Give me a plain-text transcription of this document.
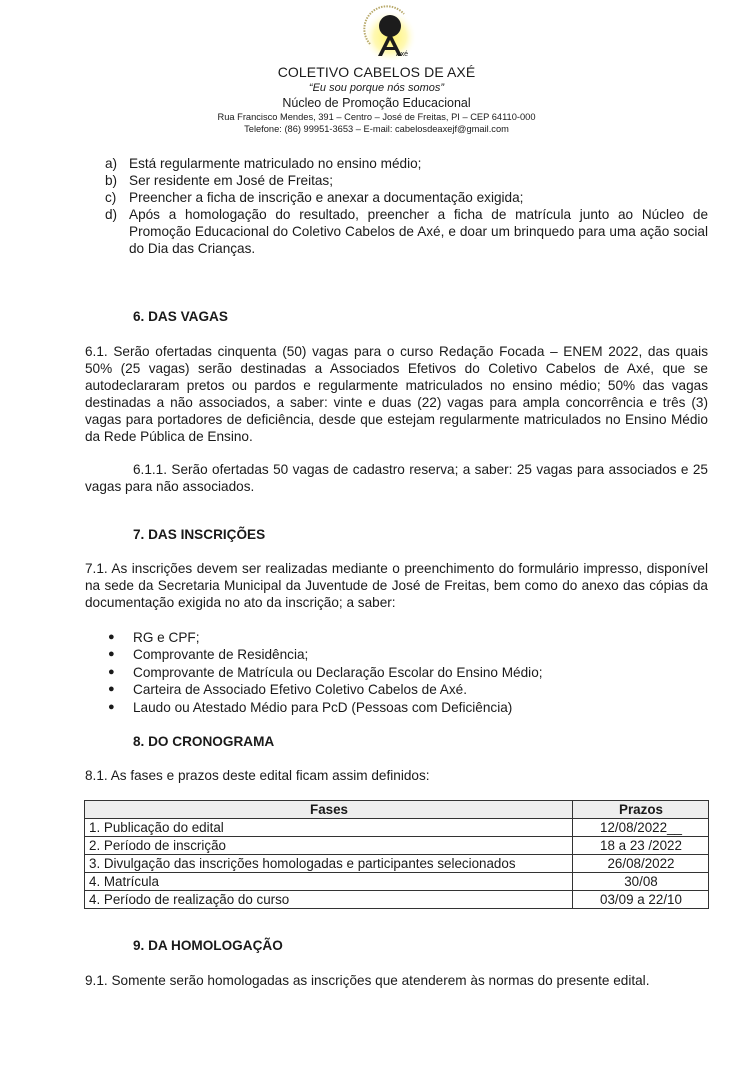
Axé
COLETIVO CABELOS DE AXÉ
“Eu sou porque nós somos”
Núcleo de Promoção Educacional
Rua Francisco Mendes, 391 – Centro – José de Freitas, PI – CEP 64110-000
Telefone: (86) 99951-3653 – E-mail: cabelosdeaxejf@gmail.com
a) Está regularmente matriculado no ensino médio;
b) Ser residente em José de Freitas;
c) Preencher a ficha de inscrição e anexar a documentação exigida;
d) Após a homologação do resultado, preencher a ficha de matrícula junto ao Núcleo de Promoção Educacional do Coletivo Cabelos de Axé, e doar um brinquedo para uma ação social do Dia das Crianças.
6. DAS VAGAS

6.1. Serão ofertadas cinquenta (50) vagas para o curso Redação Focada – ENEM 2022, das quais 50% (25 vagas) serão destinadas a Associados Efetivos do Coletivo Cabelos de Axé, que se autodeclararam pretos ou pardos e regularmente matriculados no ensino médio; 50% das vagas destinadas a não associados, a saber: vinte e duas (22) vagas para ampla concorrência e três (3) vagas para portadores de deficiência, desde que estejam regularmente matriculados no Ensino Médio da Rede Pública de Ensino.

6.1.1. Serão ofertadas 50 vagas de cadastro reserva; a saber: 25 vagas para associados e 25 vagas para não associados.

7. DAS INSCRIÇÕES

7.1. As inscrições devem ser realizadas mediante o preenchimento do formulário impresso, disponível na sede da Secretaria Municipal da Juventude de José de Freitas, bem como do anexo das cópias da documentação exigida no ato da inscrição; a saber:

● RG e CPF;
● Comprovante de Residência;
● Comprovante de Matrícula ou Declaração Escolar do Ensino Médio;
● Carteira de Associado Efetivo Coletivo Cabelos de Axé.
● Laudo ou Atestado Médio para PcD (Pessoas com Deficiência)
8. DO CRONOGRAMA

8.1. As fases e prazos deste edital ficam assim definidos:

Fases	Prazos
1. Publicação do edital	12/08/2022__
2. Período de inscrição	18 a 23 /2022
3. Divulgação das inscrições homologadas e participantes selecionados	26/08/2022
4. Matrícula	30/08
4. Período de realização do curso	03/09 a 22/10
9. DA HOMOLOGAÇÃO

9.1. Somente serão homologadas as inscrições que atenderem às normas do presente edital.
